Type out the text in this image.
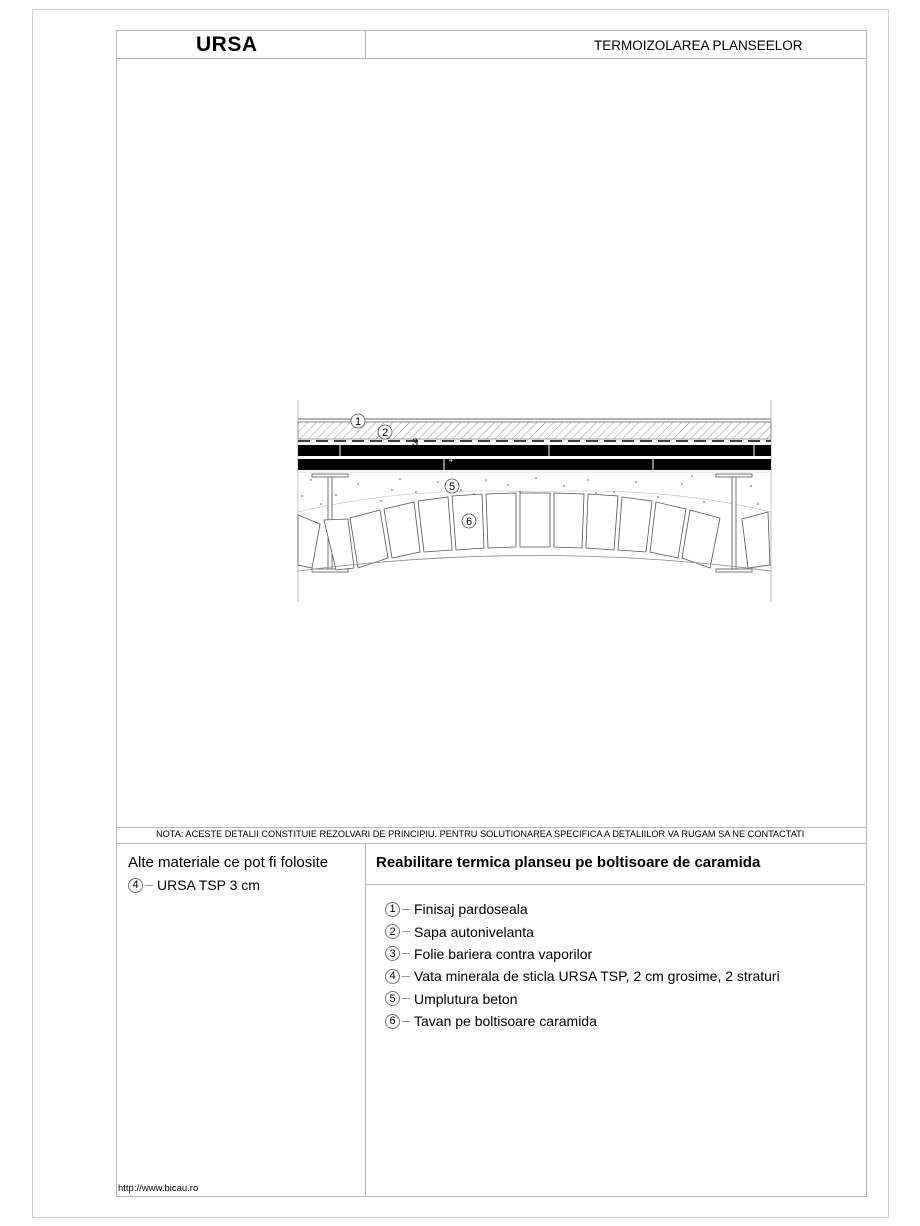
URSA	TERMOIZOLAREA PLANSEELOR
1
2
3
4
5
6
NOTA: ACESTE DETALII CONSTITUIE REZOLVARI DE PRINCIPIU. PENTRU SOLUTIONAREA SPECIFICA A DETALIILOR VA RUGAM SA NE CONTACTATI
Alte materiale ce pot fi folosite
4	URSA TSP 3 cm
Reabilitare termica planseu pe boltisoare de caramida
1	Finisaj pardoseala
2	Sapa autonivelanta
3	Folie bariera contra vaporilor
4	Vata minerala de sticla URSA TSP, 2 cm grosime, 2 straturi
5	Umplutura beton
6	Tavan pe boltisoare caramida
http://www.bicau.ro
